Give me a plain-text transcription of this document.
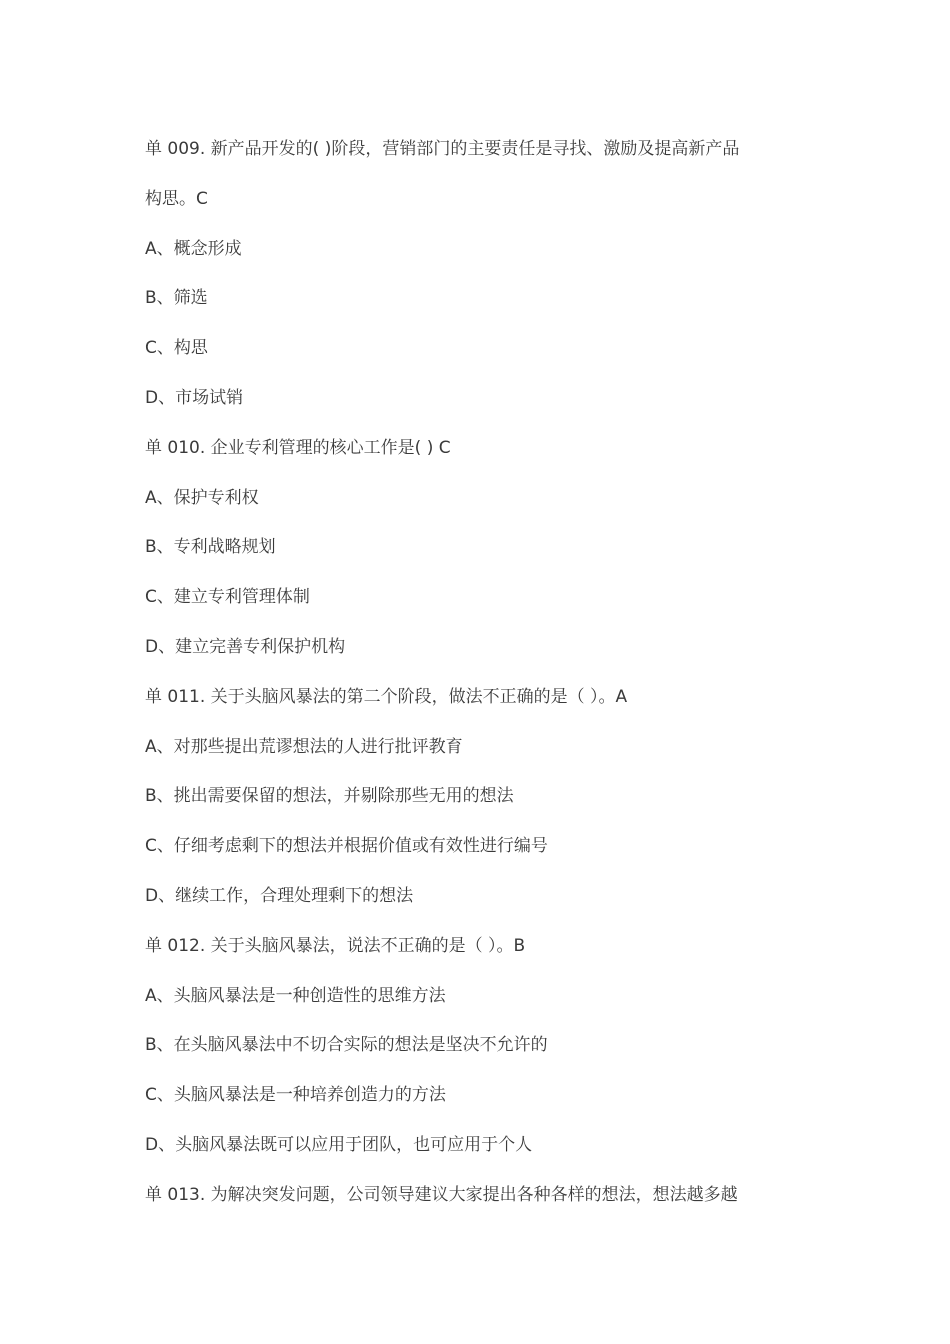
单 009. 新产品开发的( )阶段，营销部门的主要责任是寻找、激励及提高新产品
构思。C
A、概念形成
B、筛选
C、构思
D、市场试销
单 010. 企业专利管理的核心工作是( ) C
A、保护专利权
B、专利战略规划
C、建立专利管理体制
D、建立完善专利保护机构
单 011. 关于头脑风暴法的第二个阶段，做法不正确的是（ ）。A
A、对那些提出荒谬想法的人进行批评教育
B、挑出需要保留的想法，并剔除那些无用的想法
C、仔细考虑剩下的想法并根据价值或有效性进行编号
D、继续工作，合理处理剩下的想法
单 012. 关于头脑风暴法，说法不正确的是（ ）。B
A、头脑风暴法是一种创造性的思维方法
B、在头脑风暴法中不切合实际的想法是坚决不允许的
C、头脑风暴法是一种培养创造力的方法
D、头脑风暴法既可以应用于团队，也可应用于个人
单 013. 为解决突发问题，公司领导建议大家提出各种各样的想法，想法越多越
